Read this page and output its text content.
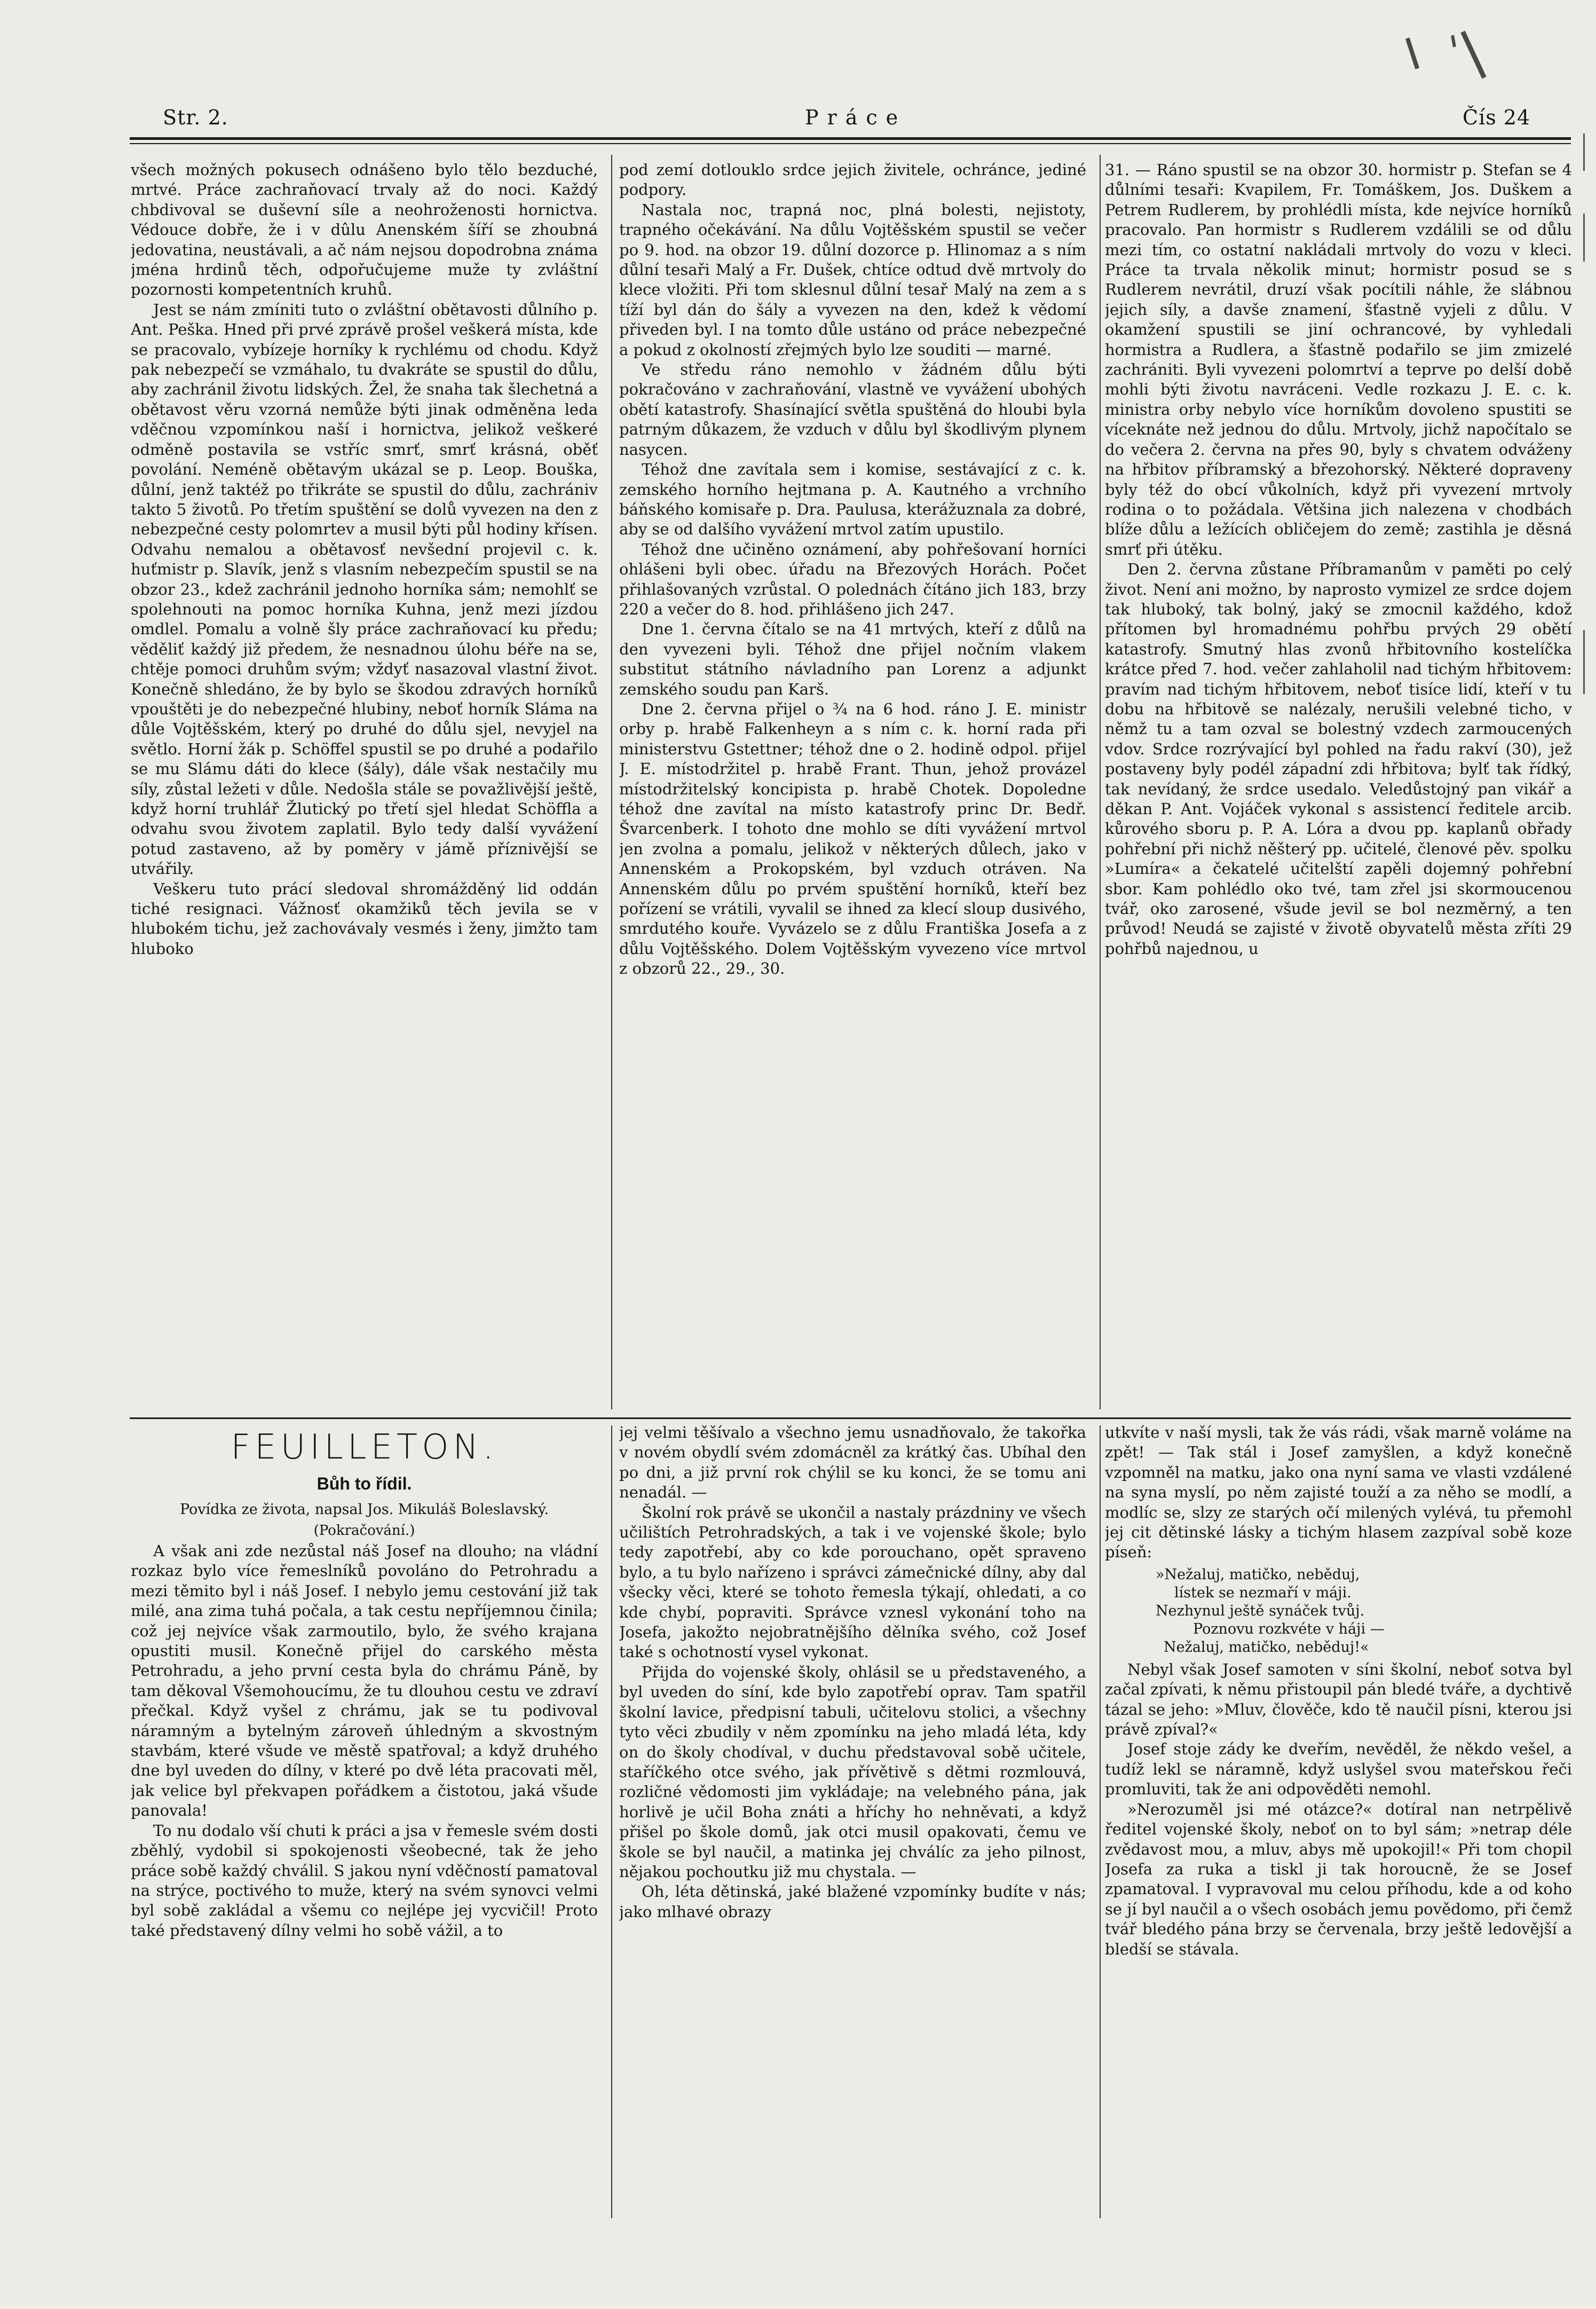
Str. 2.	Práce	Čís 24

všech možných pokusech odnášeno bylo tělo bezduché, mrtvé. Práce zachraňovací trvaly až do noci. Každý chbdivoval se duševní síle a neohroženosti hornictva. Védouce dobře, že i v dûlu Anenském šíří se zhoubná jedovatina, neustávali, a ač nám nejsou dopodrobna známa jména hrdinů těch, odpořučujeme muže ty zvláštní pozornosti kompetentních kruhů.

Jest se nám zmíniti tuto o zvláštní obětavosti důlního p. Ant. Peška. Hned při prvé zprávě prošel veškerá místa, kde se pracovalo, vybízeje horníky k rychlému od chodu. Když pak nebezpečí se vzmáhalo, tu dvakráte se spustil do důlu, aby zachránil životu lidských. Žel, že snaha tak šlechetná a obětavost věru vzorná nemůže býti jinak odměněna leda vděčnou vzpomínkou naší i hornictva, jelikož veškeré odměně postavila se vstříc smrť, smrť krásná, oběť povolání. Neméně obětavým ukázal se p. Leop. Bouška, důlní, jenž taktéž po třikráte se spustil do důlu, zachrániv takto 5 životů. Po třetím spuštění se dolů vyvezen na den z nebezpečné cesty polomrtev a musil býti půl hodiny křísen. Odvahu nemalou a obětavosť nevšední projevil c. k. huťmistr p. Slavík, jenž s vlasním nebezpečím spustil se na obzor 23., kdež zachránil jednoho horníka sám; nemohlť se spolehnouti na pomoc horníka Kuhna, jenž mezi jízdou omdlel. Pomalu a volně šly práce zachraňovací ku předu; věděliť každý již předem, že nesnadnou úlohu béře na se, chtěje pomoci druhům svým; vždyť nasazoval vlastní život. Konečně shledáno, že by bylo se škodou zdravých horníků vpouštěti je do nebezpečné hlubiny, neboť horník Sláma na důle Vojtěšském, který po druhé do důlu sjel, nevyjel na světlo. Horní žák p. Schöffel spustil se po druhé a podařilo se mu Slámu dáti do klece (šály), dále však nestačily mu síly, zůstal ležeti v důle. Nedošla stále se považlivější ještě, když horní truhlář Žlutický po třetí sjel hledat Schöffla a odvahu svou životem zaplatil. Bylo tedy další vyvážení potud zastaveno, až by poměry v jámě příznivější se utvářily.

Veškeru tuto prácí sledoval shromážděný lid oddán tiché resignaci. Vážnosť okamžiků těch jevila se v hlubokém tichu, jež zachovávaly vesmés i ženy, jimžto tam hluboko

pod zemí dotlouklo srdce jejich živitele, ochránce, jediné podpory.

Nastala noc, trapná noc, plná bolesti, nejistoty, trapného očekávání. Na důlu Vojtěšském spustil se večer po 9. hod. na obzor 19. důlní dozorce p. Hlinomaz a s ním důlní tesaři Malý a Fr. Dušek, chtíce odtud dvě mrtvoly do klece vložiti. Při tom sklesnul důlní tesař Malý na zem a s tíží byl dán do šály a vyvezen na den, kdež k vědomí přiveden byl. I na tomto důle ustáno od práce nebezpečné a pokud z okolností zřejmých bylo lze souditi — marné.

Ve středu ráno nemohlo v žádném důlu býti pokračováno v zachraňování, vlastně ve vyvážení ubohých obětí katastrofy. Shasínající světla spuštěná do hloubi byla patrným důkazem, že vzduch v důlu byl škodlivým plynem nasycen.

Téhož dne zavítala sem i komise, sestávající z c. k. zemského horního hejtmana p. A. Kautného a vrchního báňského komisaře p. Dra. Paulusa, kterážuznala za dobré, aby se od dalšího vyvážení mrtvol zatím upustilo.

Téhož dne učiněno oznámení, aby pohřešovaní horníci ohlášeni byli obec. úřadu na Březových Horách. Počet přihlašovaných vzrůstal. O polednách čítáno jich 183, brzy 220 a večer do 8. hod. přihlášeno jich 247.

Dne 1. června čítalo se na 41 mrtvých, kteří z důlů na den vyvezeni byli. Téhož dne přijel nočním vlakem substitut státního návladního pan Lorenz a adjunkt zemského soudu pan Karš.

Dne 2. června přijel o ¾ na 6 hod. ráno J. E. ministr orby p. hrabě Falkenheyn a s ním c. k. horní rada při ministerstvu Gstettner; téhož dne o 2. hodině odpol. přijel J. E. místodržitel p. hrabě Frant. Thun, jehož provázel místodržitelský koncipista p. hrabě Chotek. Dopoledne téhož dne zavítal na místo katastrofy princ Dr. Bedř. Švarcenberk. I tohoto dne mohlo se díti vyvážení mrtvol jen zvolna a pomalu, jelikož v některých důlech, jako v Annenském a Prokopském, byl vzduch otráven. Na Annenském důlu po prvém spuštění horníků, kteří bez pořízení se vrátili, vyvalil se ihned za klecí sloup dusivého, smrdutého kouře. Vyvázelo se z důlu Františka Josefa a z důlu Vojtěšského. Dolem Vojtěšským vyvezeno více mrtvol z obzorů 22., 29., 30.

31. — Ráno spustil se na obzor 30. hormistr p. Stefan se 4 důlními tesaři: Kvapilem, Fr. Tomáškem, Jos. Duškem a Petrem Rudlerem, by prohlédli místa, kde nejvíce horníků pracovalo. Pan hormistr s Rudlerem vzdálili se od důlu mezi tím, co ostatní nakládali mrtvoly do vozu v kleci. Práce ta trvala několik minut; hormistr posud se s Rudlerem nevrátil, druzí však pocítili náhle, že slábnou jejich síly, a davše znamení, šťastně vyjeli z důlu. V okamžení spustili se jiní ochrancové, by vyhledali hormistra a Rudlera, a šťastně podařilo se jim zmizelé zachrániti. Byli vyvezeni polomrtví a teprve po delší době mohli býti životu navráceni. Vedle rozkazu J. E. c. k. ministra orby nebylo více horníkům dovoleno spustiti se víceknáte než jednou do důlu. Mrtvoly, jichž napočítalo se do večera 2. června na přes 90, byly s chvatem odváženy na hřbitov příbramský a březohorský. Některé dopraveny byly též do obcí vůkolních, když při vyvezení mrtvoly rodina o to požádala. Většina jich nalezena v chodbách blíže důlu a ležících obličejem do země; zastihla je děsná smrť při útěku.

Den 2. června zůstane Příbramanům v paměti po celý život. Není ani možno, by naprosto vymizel ze srdce dojem tak hluboký, tak bolný, jaký se zmocnil každého, kdož přítomen byl hromadnému pohřbu prvých 29 obětí katastrofy. Smutný hlas zvonů hřbitovního kostelíčka krátce před 7. hod. večer zahlaholil nad tichým hřbitovem: pravím nad tichým hřbitovem, neboť tisíce lidí, kteří v tu dobu na hřbitově se nalézaly, nerušili velebné ticho, v němž tu a tam ozval se bolestný vzdech zarmoucených vdov. Srdce rozrývající byl pohled na řadu rakví (30), jež postaveny byly podél západní zdi hřbitova; bylť tak řídký, tak nevídaný, že srdce usedalo. Veledůstojný pan vikář a děkan P. Ant. Vojáček vykonal s assistencí ředitele arcib. kůrového sboru p. P. A. Lóra a dvou pp. kaplanů obřady pohřební při nichž něšterý pp. učitelé, členové pěv. spolku »Lumíra« a čekatelé učitelští zapěli dojemný pohřební sbor. Kam pohlédlo oko tvé, tam zřel jsi skormoucenou tvář, oko zarosené, všude jevil se bol nezměrný, a ten průvod! Neudá se zajisté v životě obyvatelů města zříti 29 pohřbů najednou, u

FEUILLETON.
Bůh to řídil.
Povídka ze života, napsal Jos. Mikuláš Boleslavský.
(Pokračování.)

A však ani zde nezůstal náš Josef na dlouho; na vládní rozkaz bylo více řemeslníků povoláno do Petrohradu a mezi těmito byl i náš Josef. I nebylo jemu cestování již tak milé, ana zima tuhá počala, a tak cestu nepříjemnou činila; což jej nejvíce však zarmoutilo, bylo, že svého krajana opustiti musil. Konečně přijel do carského města Petrohradu, a jeho první cesta byla do chrámu Páně, by tam děkoval Všemohoucímu, že tu dlouhou cestu ve zdraví přečkal. Když vyšel z chrámu, jak se tu podivoval náramným a bytelným zároveň úhledným a skvostným stavbám, které všude ve městě spatřoval; a když druhého dne byl uveden do dílny, v které po dvě léta pracovati měl, jak velice byl překvapen pořádkem a čistotou, jaká všude panovala!

To nu dodalo vší chuti k práci a jsa v řemesle svém dosti zběhlý, vydobil si spokojenosti všeobecné, tak že jeho práce sobě každý chválil. S jakou nyní vděčností pamatoval na strýce, poctivého to muže, který na svém synovci velmi byl sobě zakládal a všemu co nejlépe jej vycvičil! Proto také představený dílny velmi ho sobě vážil, a to

jej velmi těšívalo a všechno jemu usnadňovalo, že takořka v novém obydlí svém zdomácněl za krátký čas. Ubíhal den po dni, a již první rok chýlil se ku konci, že se tomu ani nenadál. —

Školní rok právě se ukončil a nastaly prázdniny ve všech učilištích Petrohradských, a tak i ve vojenské škole; bylo tedy zapotřebí, aby co kde porouchano, opět spraveno bylo, a tu bylo nařízeno i správci zámečnické dílny, aby dal všecky věci, které se tohoto řemesla týkají, ohledati, a co kde chybí, popraviti. Správce vznesl vykonání toho na Josefa, jakožto nejobratnějšího dělníka svého, což Josef také s ochotností vysel vykonat.

Přijda do vojenské školy, ohlásil se u představeného, a byl uveden do síní, kde bylo zapotřebí oprav. Tam spatřil školní lavice, předpisní tabuli, učitelovu stolici, a všechny tyto věci zbudily v něm zpomínku na jeho mladá léta, kdy on do školy chodíval, v duchu představoval sobě učitele, staříčkého otce svého, jak přívětivě s dětmi rozmlouvá, rozličné vědomosti jim vykládaje; na velebného pána, jak horlivě je učil Boha znáti a hříchy ho nehněvati, a když přišel po škole domů, jak otci musil opakovati, čemu ve škole se byl naučil, a matinka jej chválíc za jeho pilnost, nějakou pochoutku již mu chystala. —

Oh, léta dětinská, jaké blažené vzpomínky budíte v nás; jako mlhavé obrazy

utkvíte v naší mysli, tak že vás rádi, však marně voláme na zpět! — Tak stál i Josef zamyšlen, a když konečně vzpomněl na matku, jako ona nyní sama ve vlasti vzdálené na syna myslí, po něm zajisté touží a za něho se modlí, a modlíc se, slzy ze starých očí milených vylévá, tu přemohl jej cit dětinské lásky a tichým hlasem zazpíval sobě koze píseň:

»Nežaluj, matičko, neběduj,
lístek se nezmaří v máji.
Nezhynul ještě synáček tvůj.
Poznovu rozkvéte v háji —
Nežaluj, matičko, neběduj!«

Nebyl však Josef samoten v síni školní, neboť sotva byl začal zpívati, k němu přistoupil pán bledé tváře, a dychtivě tázal se jeho: »Mluv, člověče, kdo tě naučil písni, kterou jsi právě zpíval?«

Josef stoje zády ke dveřím, nevěděl, že někdo vešel, a tudíž lekl se náramně, když uslyšel svou mateřskou řeči promluviti, tak že ani odpověděti nemohl.

»Nerozuměl jsi mé otázce?« dotíral nan netrpělivě ředitel vojenské školy, neboť on to byl sám; »netrap déle zvědavost mou, a mluv, abys mě upokojil!« Při tom chopil Josefa za ruka a tiskl ji tak horoucně, že se Josef zpamatoval. I vypravoval mu celou příhodu, kde a od koho se jí byl naučil a o všech osobách jemu povědomo, při čemž tvář bledého pána brzy se červenala, brzy ještě ledovější a bledší se stávala.
